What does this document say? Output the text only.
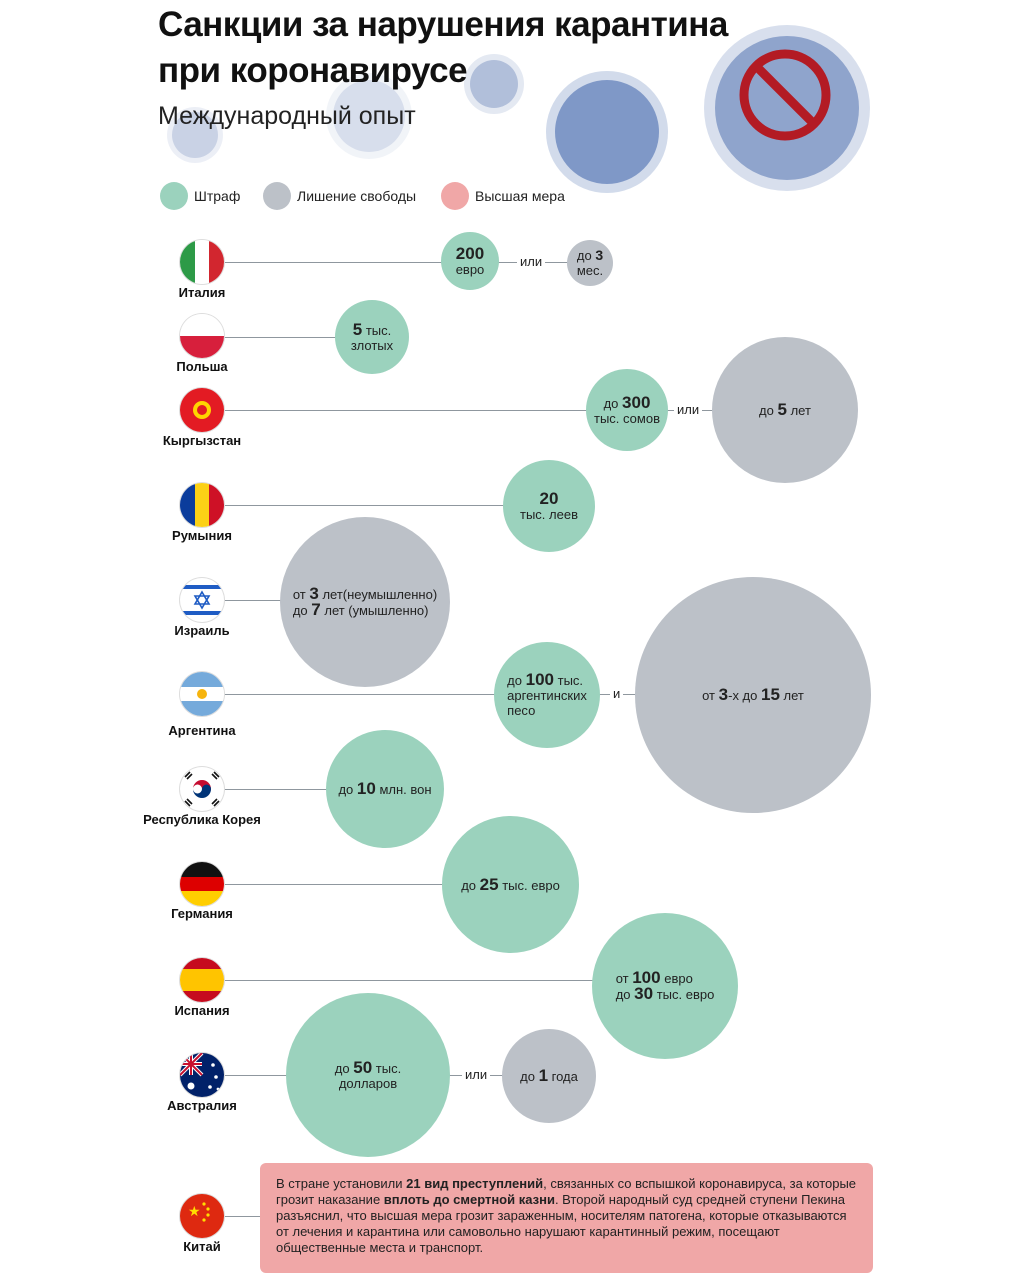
Санкции за нарушения карантина
при коронавирусе
Международный опыт
Штраф	Лишение свободы	Высшая мера
Италия
200
евро	или	до 3
мес.
Польша
5 тыс.
злотых
Кыргызстан
до 300
тыс. сомов
или	до 5 лет
Румыния
20
тыс. леев
Израиль
от 3 лет(неумышленно)
до 7 лет (умышленно)
Аргентина
до 100 тыс.
аргентинских
песо
и	от 3-х до 15 лет
Республика Корея
до 10 млн. вон
Германия
до 25 тыс. евро
Испания
от 100 евро
до 30 тыс. евро
Австралия
до 50 тыс.
долларов
или	до 1 года
★
Китай
В стране установили 21 вид преступлений, связанных со вспышкой коронавируса, за которые грозит наказание вплоть до смертной казни. Второй народный суд средней ступени Пекина разъяснил, что высшая мера грозит зараженным, носителям патогена, которые отказываются от лечения и карантина или самовольно нарушают карантинный режим, посещают общественные места и транспорт.
